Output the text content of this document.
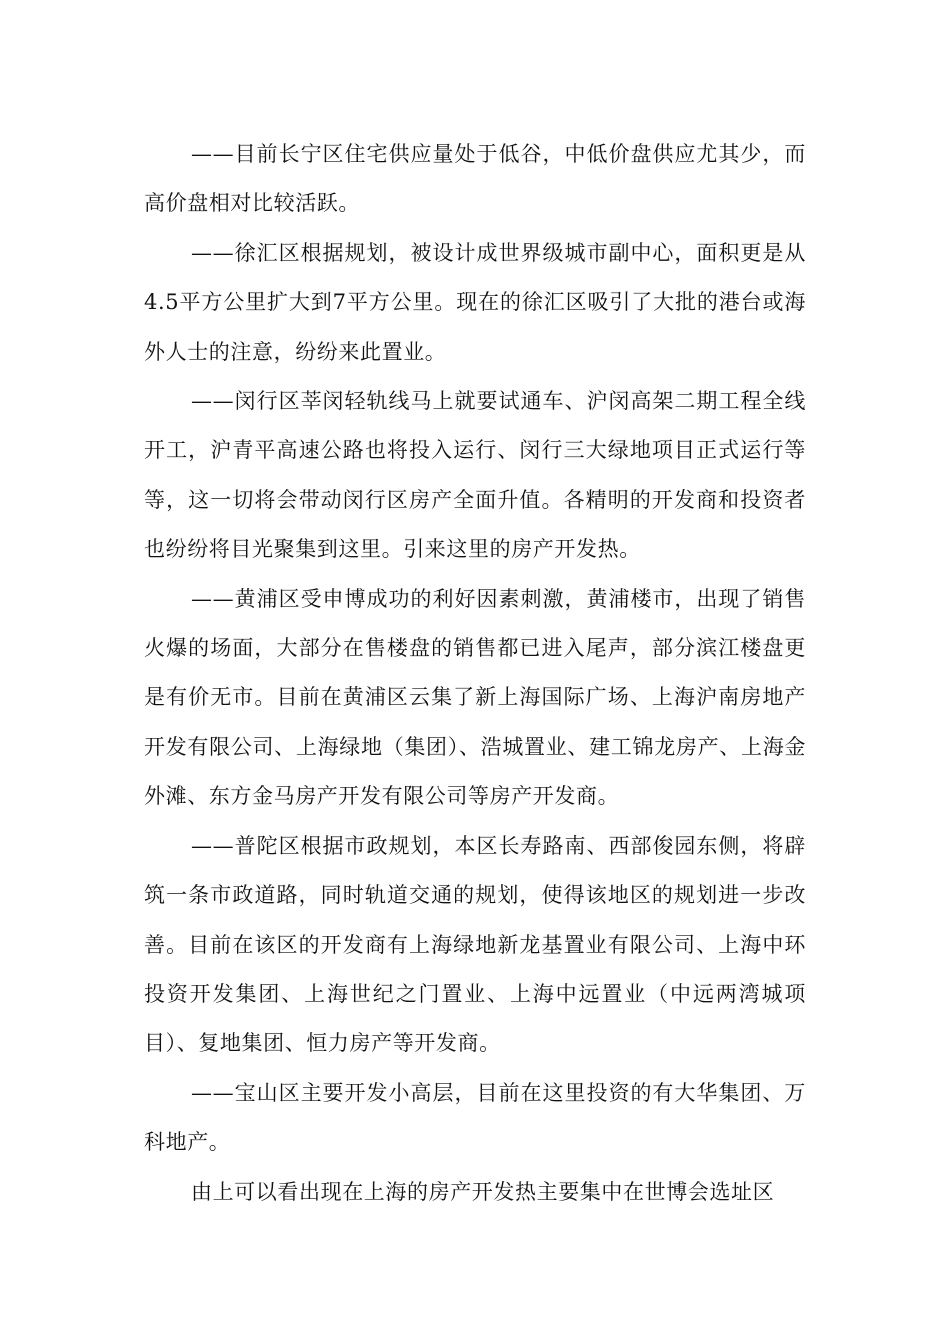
——目前长宁区住宅供应量处于低谷，中低价盘供应尤其少，而高价盘相对比较活跃。

——徐汇区根据规划，被设计成世界级城市副中心，面积更是从4.5平方公里扩大到7平方公里。现在的徐汇区吸引了大批的港台或海外人士的注意，纷纷来此置业。

——闵行区莘闵轻轨线马上就要试通车、沪闵高架二期工程全线开工，沪青平高速公路也将投入运行、闵行三大绿地项目正式运行等等，这一切将会带动闵行区房产全面升值。各精明的开发商和投资者也纷纷将目光聚集到这里。引来这里的房产开发热。

——黄浦区受申博成功的利好因素刺激，黄浦楼市，出现了销售火爆的场面，大部分在售楼盘的销售都已进入尾声，部分滨江楼盘更是有价无市。目前在黄浦区云集了新上海国际广场、上海沪南房地产开发有限公司、上海绿地（集团）、浩城置业、建工锦龙房产、上海金外滩、东方金马房产开发有限公司等房产开发商。

——普陀区根据市政规划，本区长寿路南、西部俊园东侧，将辟筑一条市政道路，同时轨道交通的规划，使得该地区的规划进一步改善。目前在该区的开发商有上海绿地新龙基置业有限公司、上海中环投资开发集团、上海世纪之门置业、上海中远置业（中远两湾城项目）、复地集团、恒力房产等开发商。

——宝山区主要开发小高层，目前在这里投资的有大华集团、万科地产。

由上可以看出现在上海的房产开发热主要集中在世博会选址区
